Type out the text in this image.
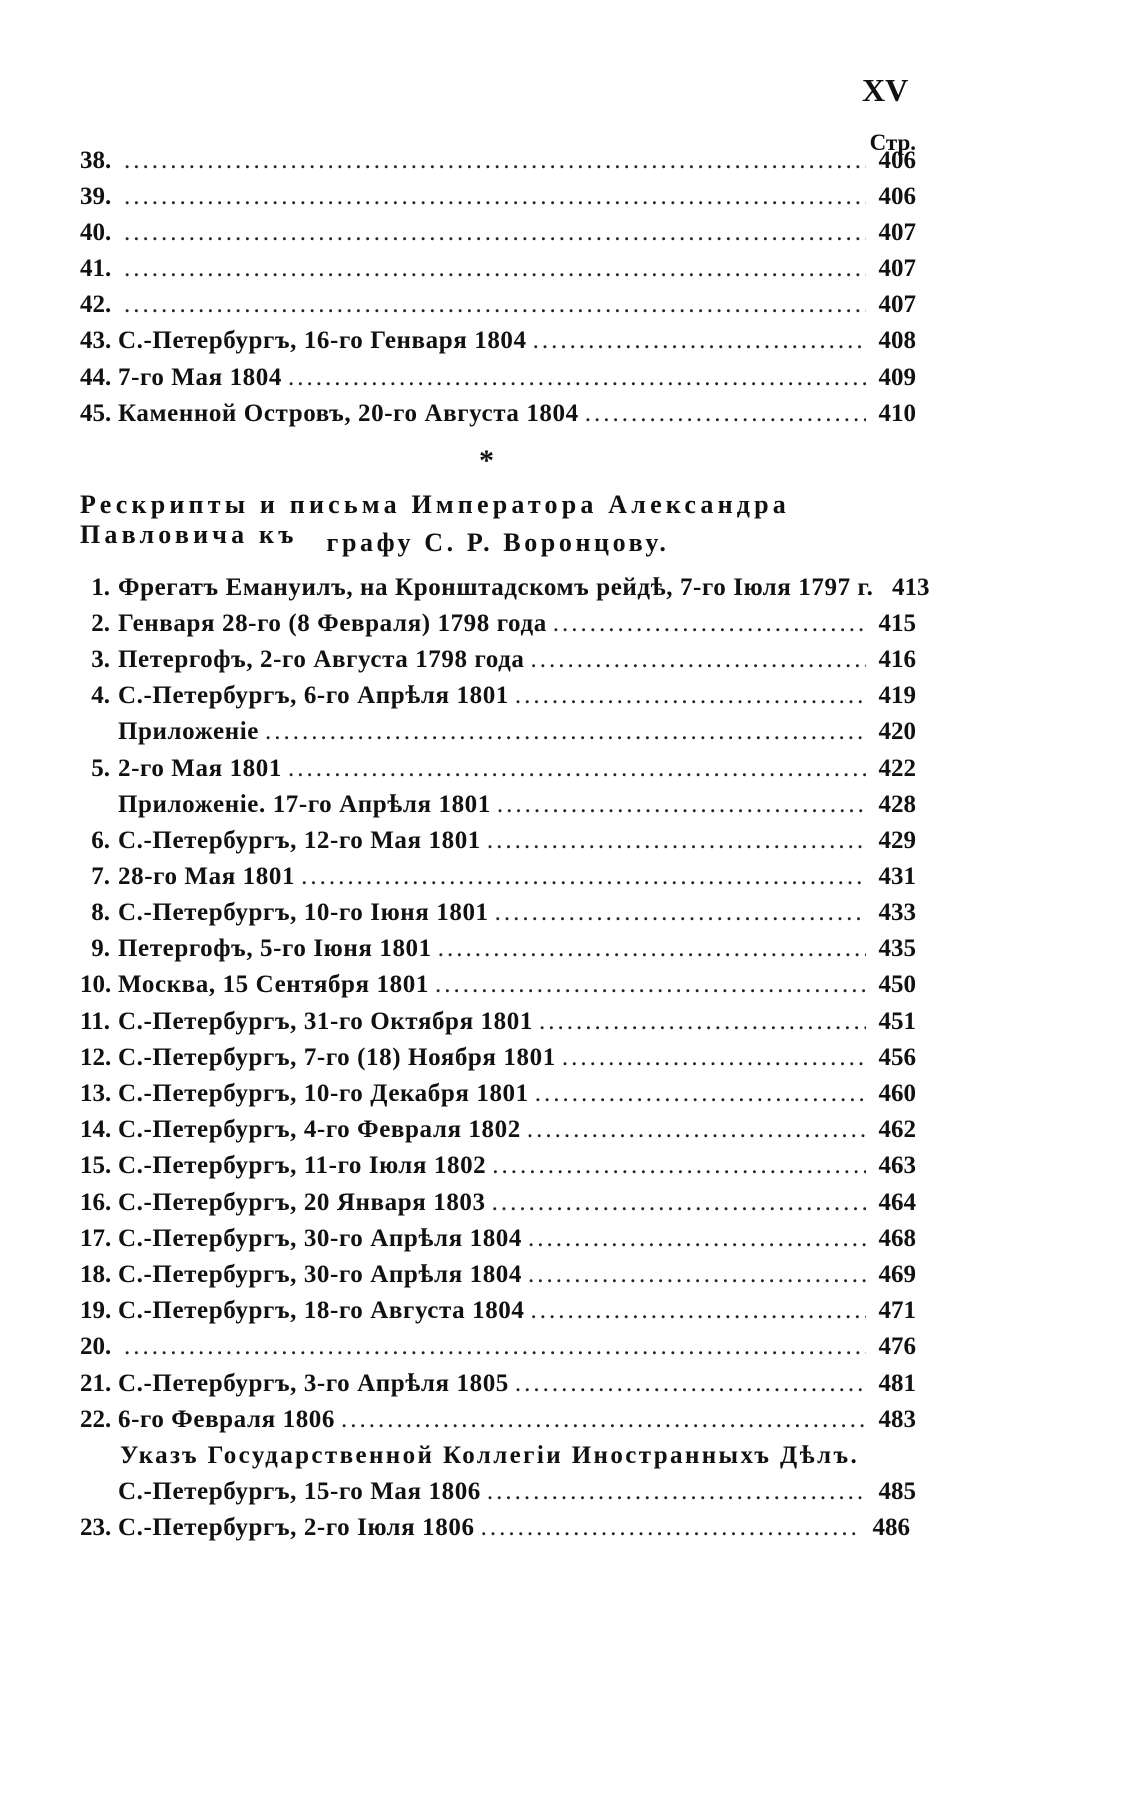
XV
Стр.
38. .....	406
39. .....	406
40. .....	407
41. .....	407
42. .....	407
43. С.-Петербургъ, 16-го Генваря 1804 .....	408
44. 7-го Мая 1804 .....	409
45. Каменной Островъ, 20-го Августа 1804 .....	410
*
Рескрипты и письма Императора Александра Павловича къ	графу С. Р. Воронцову.
1. Фрегатъ Емануилъ, на Кронштадскомъ рейдѣ, 7-го Іюля 1797 г. 413
2. Генваря 28-го (8 Февраля) 1798 года .....	415
3. Петергофъ, 2-го Августа 1798 года .....	416
4. С.-Петербургъ, 6-го Апрѣля 1801 .....	419
Приложеніе .....	420
5. 2-го Мая 1801 .....	422
Приложеніе. 17-го Апрѣля 1801 .....	428
6. С.-Петербургъ, 12-го Мая 1801 .....	429
7. 28-го Мая 1801 .....	431
8. С.-Петербургъ, 10-го Іюня 1801 .....	433
9. Петергофъ, 5-го Іюня 1801 .....	435
10. Москва, 15 Сентября 1801 .....	450
11. С.-Петербургъ, 31-го Октября 1801 .....	451
12. С.-Петербургъ, 7-го (18) Ноября 1801 .....	456
13. С.-Петербургъ, 10-го Декабря 1801 .....	460
14. С.-Петербургъ, 4-го Февраля 1802 .....	462
15. С.-Петербургъ, 11-го Іюля 1802 .....	463
16. С.-Петербургъ, 20 Января 1803 .....	464
17. С.-Петербургъ, 30-го Апрѣля 1804 .....	468
18. С.-Петербургъ, 30-го Апрѣля 1804 .....	469
19. С.-Петербургъ, 18-го Августа 1804 .....	471
20. .....	476
21. С.-Петербургъ, 3-го Апрѣля 1805 .....	481
22. 6-го Февраля 1806 .....	483
Указъ Государственной Коллегіи Иностранныхъ Дѣлъ.
С.-Петербургъ, 15-го Мая 1806 .....	485
23. С.-Петербургъ, 2-го Іюля 1806 .....	486
